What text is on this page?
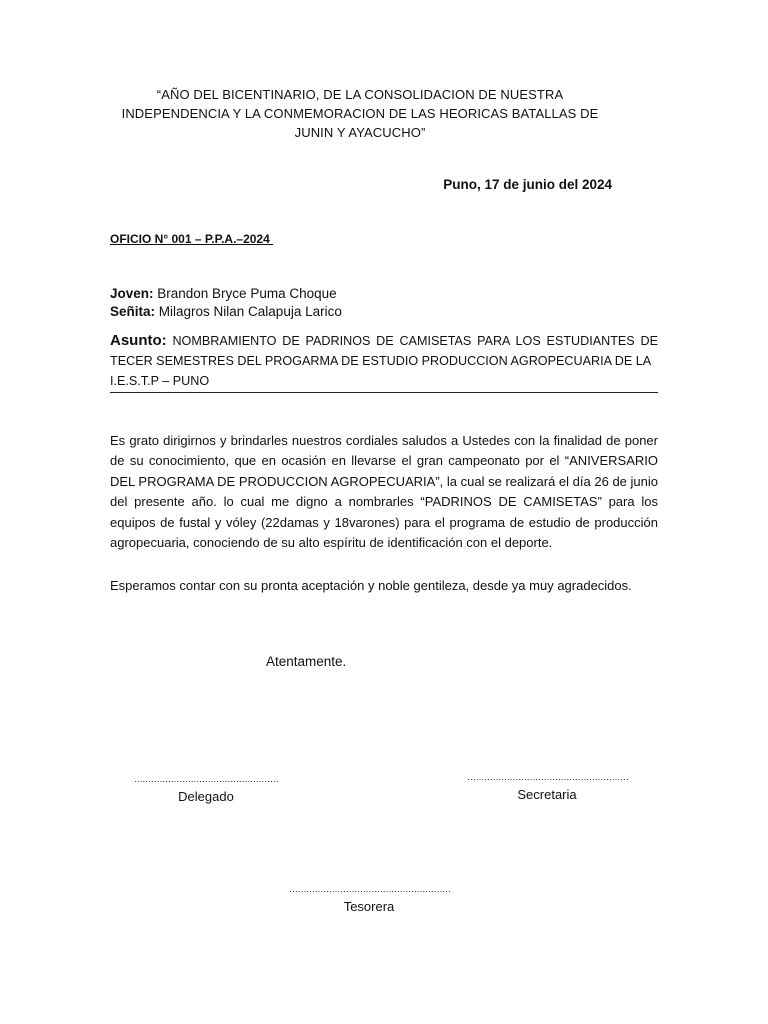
“AÑO DEL BICENTINARIO, DE LA CONSOLIDACION DE NUESTRA
INDEPENDENCIA Y LA CONMEMORACION DE LAS HEORICAS BATALLAS DE
JUNIN Y AYACUCHO”
Puno, 17 de junio del 2024
OFICIO N° 001 – P.P.A.–2024
Joven: Brandon Bryce Puma Choque
Señita: Milagros Nilan Calapuja Larico
Asunto: NOMBRAMIENTO DE PADRINOS DE CAMISETAS PARA LOS ESTUDIANTES DE TECER SEMESTRES DEL PROGARMA DE ESTUDIO PRODUCCION AGROPECUARIA DE LA
I.E.S.T.P – PUNO
Es grato dirigirnos y brindarles nuestros cordiales saludos a Ustedes con la finalidad de poner de su conocimiento, que en ocasión en llevarse el gran campeonato por el “ANIVERSARIO DEL PROGRAMA DE PRODUCCION AGROPECUARIA”, la cual se realizará el día 26 de junio del presente año. lo cual me digno a nombrarles “PADRINOS DE CAMISETAS” para los equipos de fustal y vóley (22damas y 18varones) para el programa de estudio de producción agropecuaria, conociendo de su alto espíritu de identificación con el deporte.
Esperamos contar con su pronta aceptación y noble gentileza, desde ya muy agradecidos.
Atentamente.
……………………………………………
Delegado
…………………………………………………
Secretaria
…………………………………………………
Tesorera
